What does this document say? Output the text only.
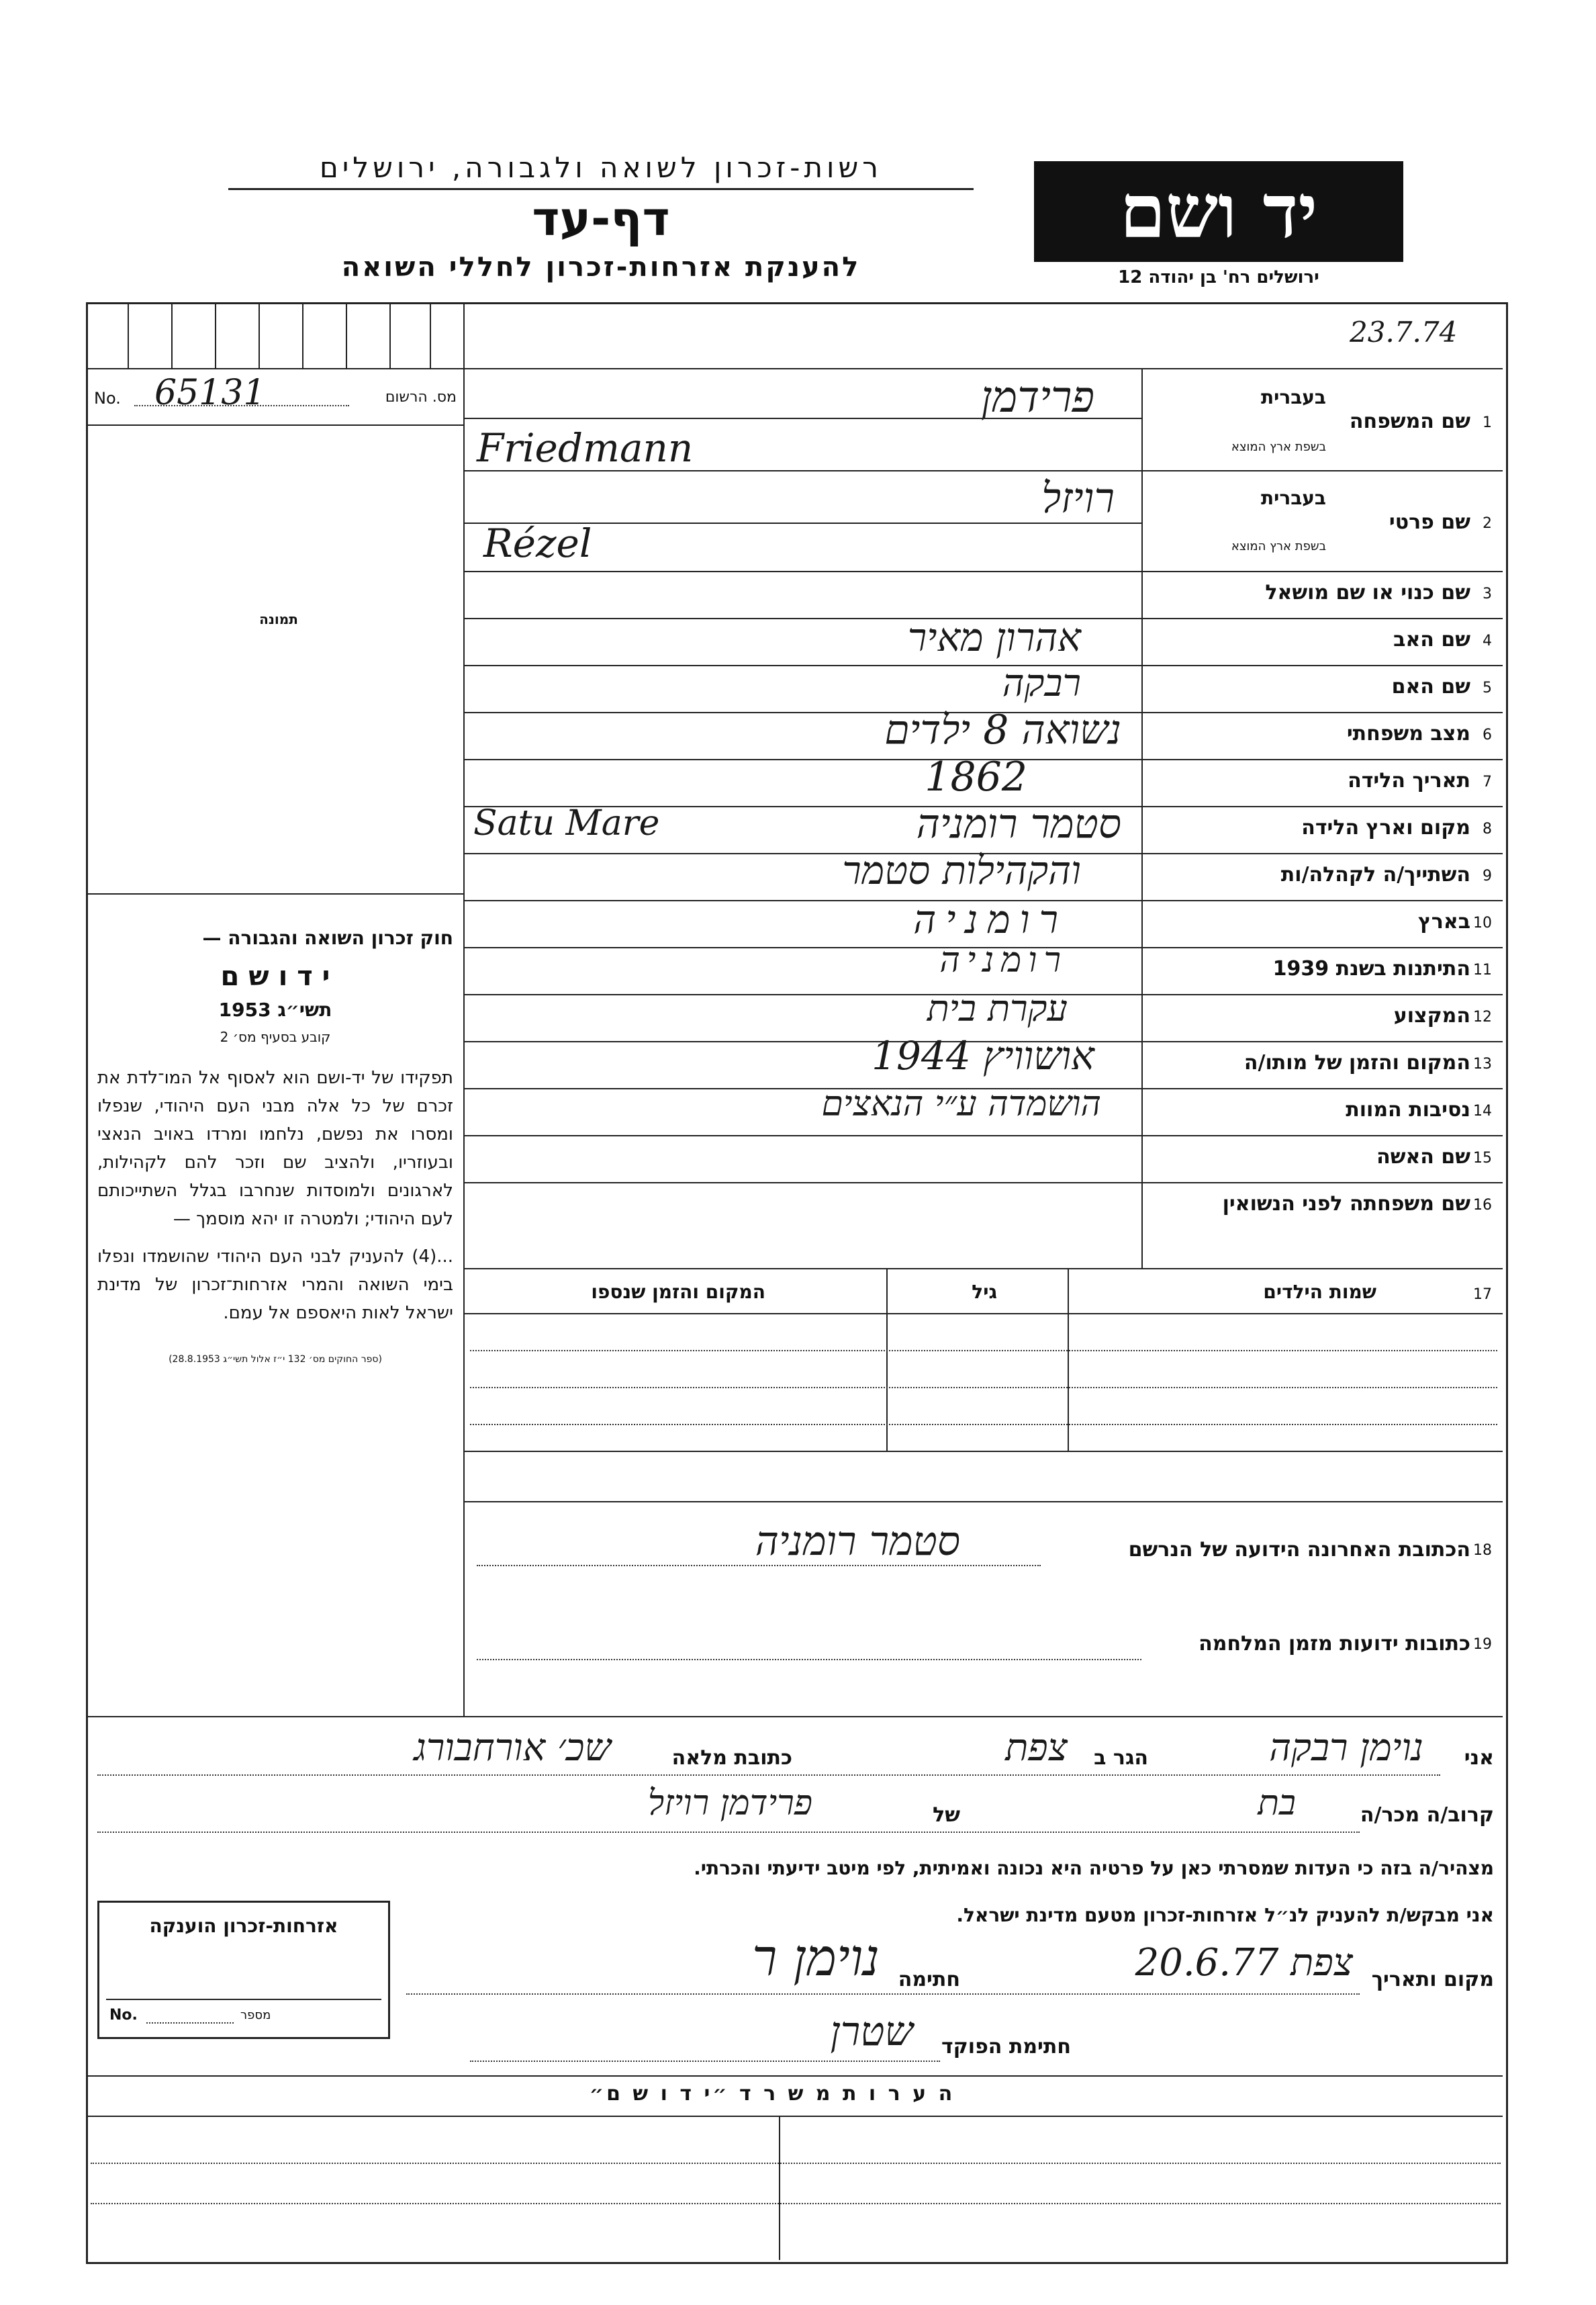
רשות-זכרון לשואה ולגבורה, ירושלים
דף-עד
להענקת אזרחות-זכרון לחללי השואה
יד ושם
ירושלים רח' בן יהודה 12
23.7.74
No. 65131	מס. הרשום
תמונה
חוק זכרון השואה והגבורה —
י ד ו ש ם
תשי״ג 1953
קובע בסעיף מס׳ 2
תפקידו של יד-ושם הוא לאסוף אל המו־לדת את זכרם של כל אלה מבני העם היהודי, שנפלו ומסרו את נפשם, נלחמו ומרדו באויב הנאצי ובעוזריו, ולהציב שם וזכר להם לקהילות, לארגונים ולמוסדות שנחרבו בגלל השתייכותם לעם היהודי; ולמטרה זו יהא מוסמך —
...(4) להעניק לבני העם היהודי שהושמדו ונפלו בימי השואה והמרי אזרחות־זכרון של מדינת ישראל לאות היאספם אל עמם.
(ספר החוקים מס׳ 132 י״ז אלול תשי״ג 28.8.1953)
1
שם המשפחה
בעברית
בשפת ארץ המוצא
פרידמן
Friedmann
2
שם פרטי
בעברית
בשפת ארץ המוצא
רויזל
Rézel
3
שם כנוי או שם מושאל
4
שם האב
אהרון מאיר
5
שם האם
רבקה
6
מצב משפחתי
נשואה 8 ילדים
7
תאריך הלידה
1862
8
מקום וארץ הלידה
סטמר רומניה
Satu Mare
9
השתייך/ה לקהלה/ות
והקהילות סטמר
10
בארץ
רומניה
11
התיתנות בשנת 1939
רומניה
12
המקצוע
עקרת בית
13
המקום והזמן של מותו/ה
אושוויץ 1944
14
נסיבות המוות
הושמדה ע״י הנאצים
15
שם האשה
16
שם משפחתה לפני הנשואין
17
שמות הילדים
גיל
המקום והזמן שנספו
18
הכתובת האחרונה הידועה של הנרשם
סטמר רומניה
19
כתובות ידועות מזמן המלחמה
אני
נוימן רבקה
הגר ב
צפת
כתובת מלאה
שכ׳ אורחבורג
קרוב/ה מכר/ה
בת
של
פרידמן רויזל
מצהיר/ה בזה כי העדות שמסרתי כאן על פרטיה היא נכונה ואמיתית, לפי מיטב ידיעתי והכרתי.
אני מבקש/ת להעניק לנ״ל אזרחות-זכרון מטעם מדינת ישראל.
מקום ותאריך
צפת 20.6.77
חתימה
נוימן ר
חתימת הפוקד
שטרן
אזרחות-זכרון הוענקה
No.	מספר
ה ע ר ו ת מ ש ר ד ״י ד ו ש ם״
